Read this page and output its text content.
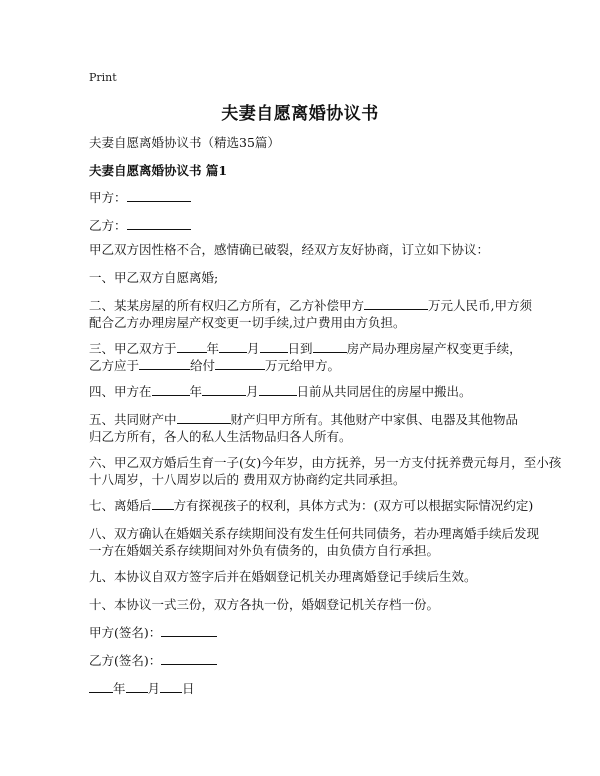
Print
夫妻自愿离婚协议书
夫妻自愿离婚协议书（精选35篇）
夫妻自愿离婚协议书 篇1
甲方：
乙方：
甲乙双方因性格不合，感情确已破裂，经双方友好协商，订立如下协议：
一、甲乙双方自愿离婚;
二、某某房屋的所有权归乙方所有，乙方补偿甲方	万元人民币,甲方须
配合乙方办理房屋产权变更一切手续,过户费用由方负担。
三、甲乙双方于 年 月 日到	房产局办理房屋产权变更手续，
乙方应于	给付	万元给甲方。
四、甲方在	年	月	日前从共同居住的房屋中搬出。
五、共同财产中	财产归甲方所有。其他财产中家俱、电器及其他物品
归乙方所有，各人的私人生活物品归各人所有。
六、甲乙双方婚后生育一子(女)今年岁，由方抚养，另一方支付抚养费元每月，至小孩
十八周岁，十八周岁以后的 费用双方协商约定共同承担。
七、离婚后 方有探视孩子的权利，具体方式为：(双方可以根据实际情况约定)
八、双方确认在婚姻关系存续期间没有发生任何共同债务，若办理离婚手续后发现
一方在婚姻关系存续期间对外负有债务的，由负债方自行承担。
九、本协议自双方签字后并在婚姻登记机关办理离婚登记手续后生效。
十、本协议一式三份，双方各执一份，婚姻登记机关存档一份。
甲方(签名)：
乙方(签名)：
年 月 日
